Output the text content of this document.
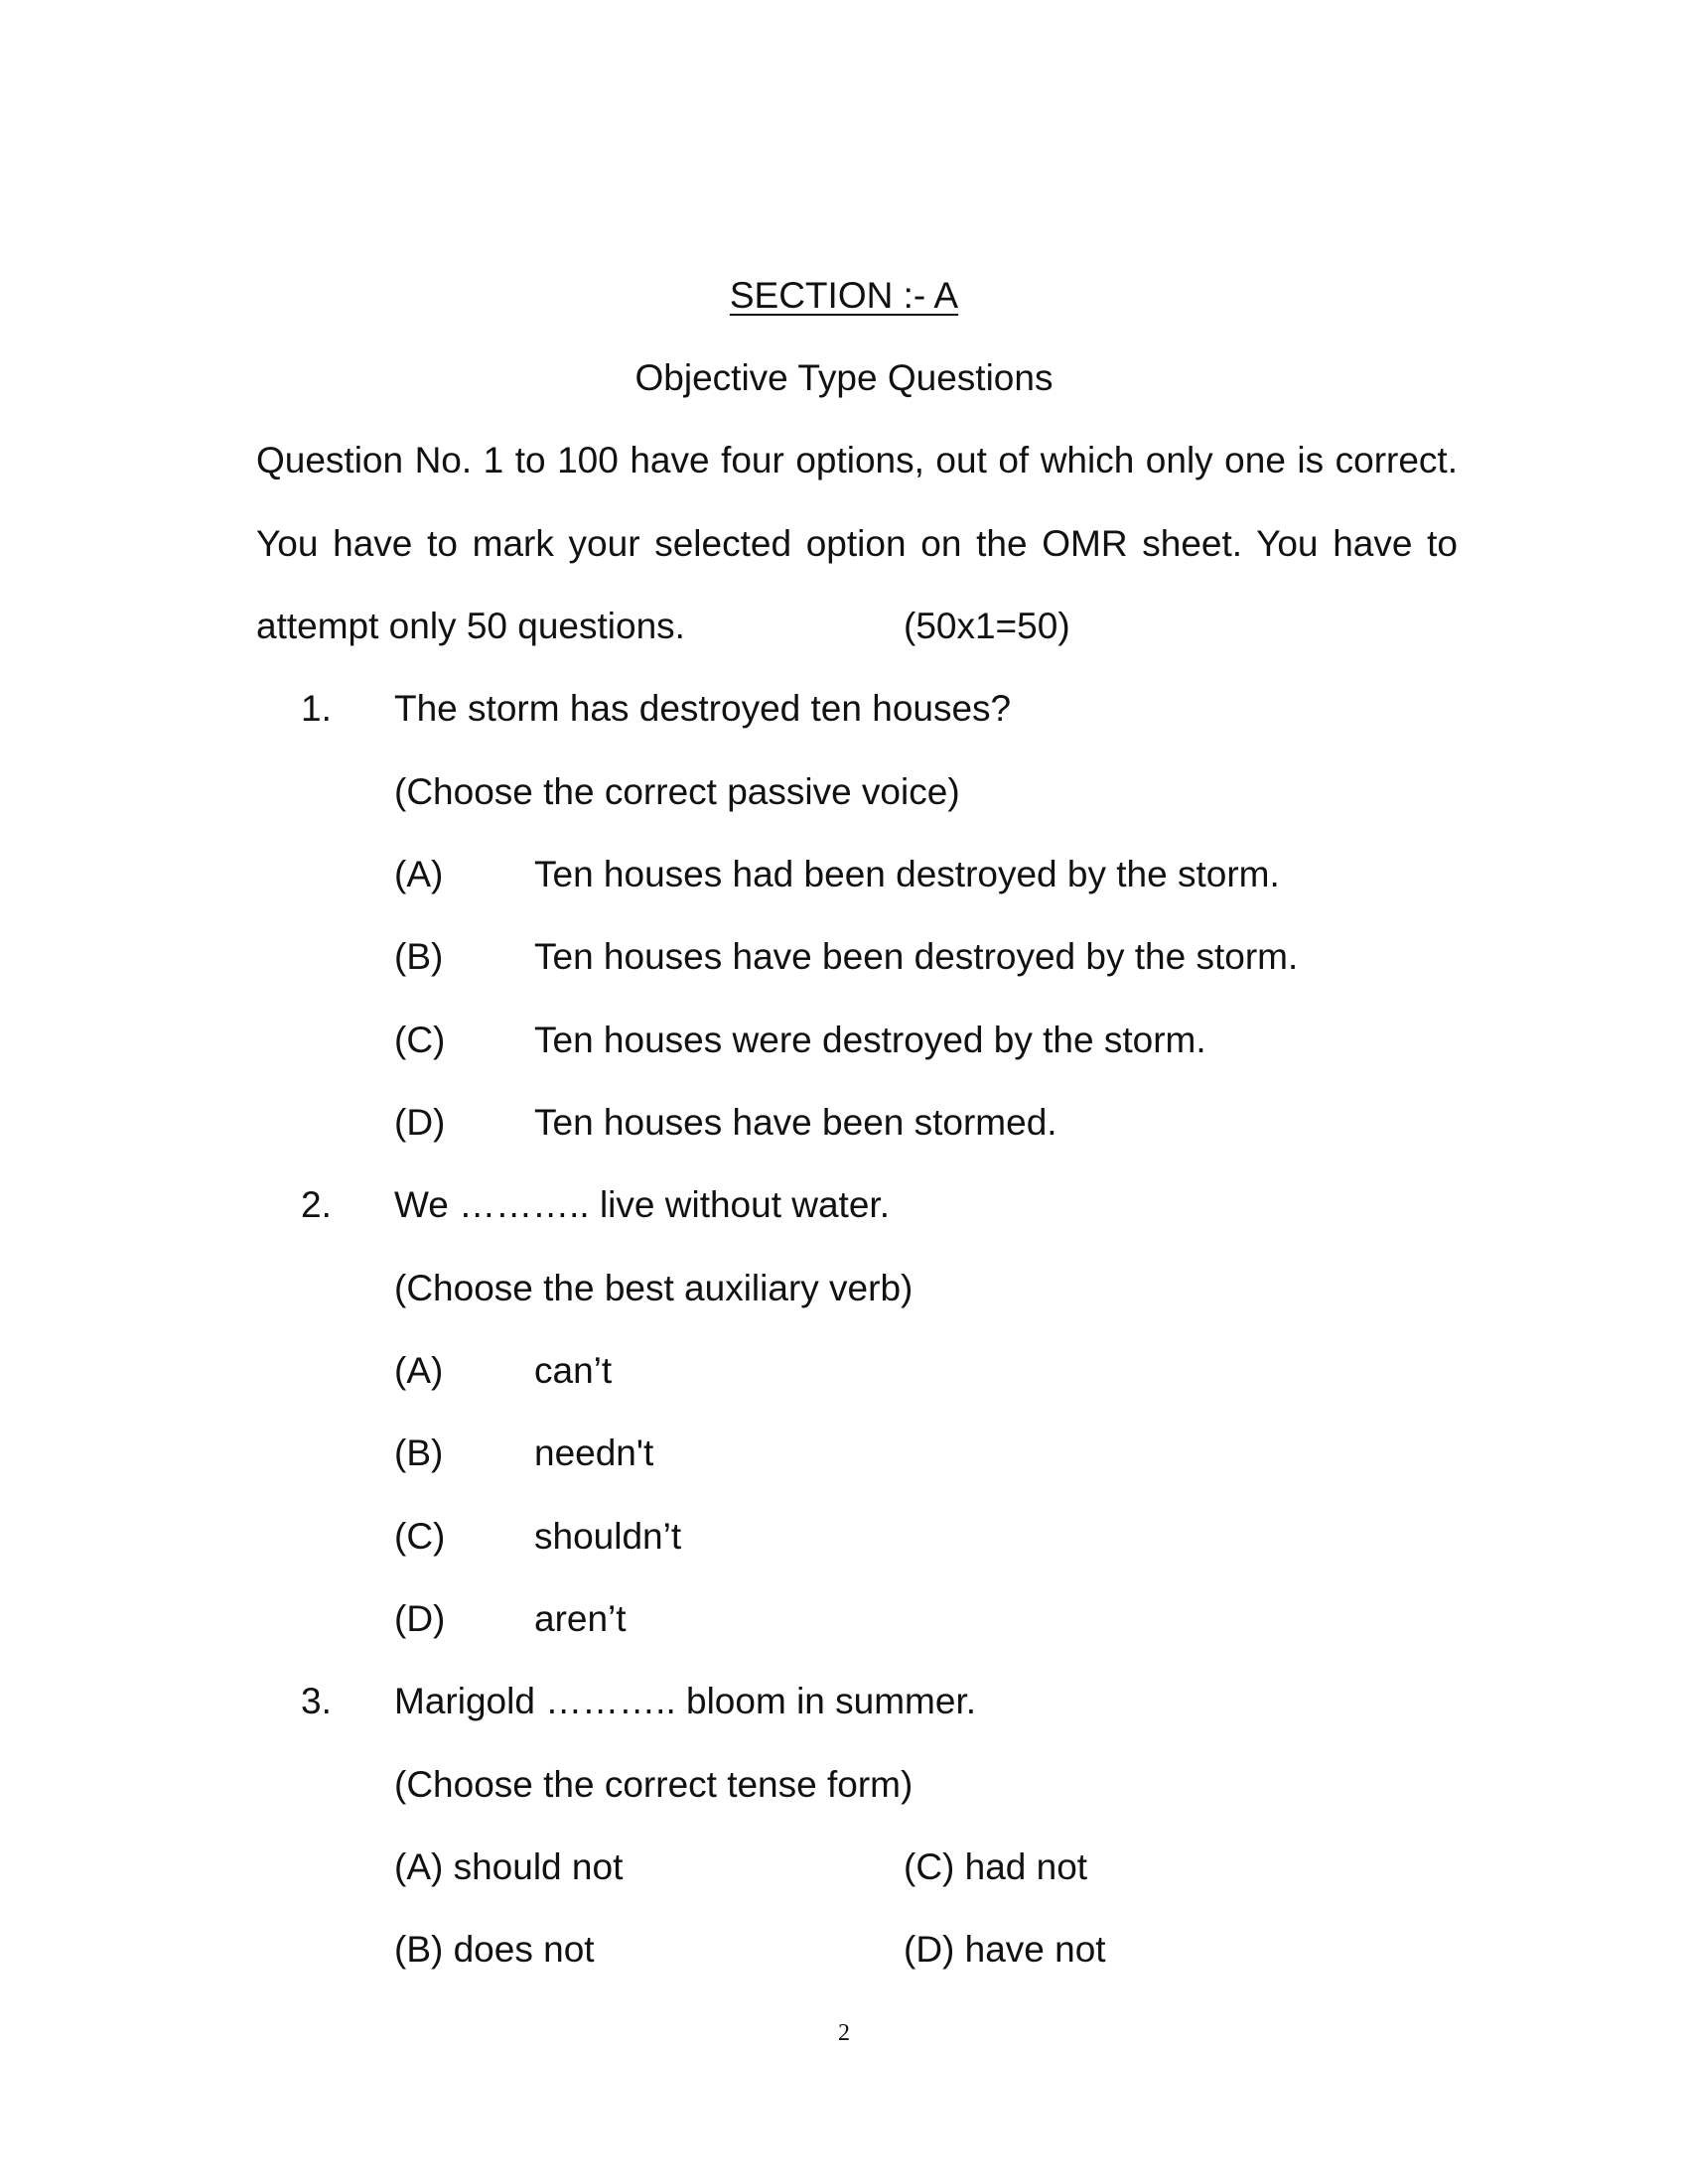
SECTION :- A
Objective Type Questions
Question No. 1 to 100 have four options, out of which only one is correct.
You have to mark your selected option on the OMR sheet. You have to
attempt only 50 questions.	(50x1=50)
1. The storm has destroyed ten houses?
(Choose the correct passive voice)
(A) Ten houses had been destroyed by the storm.
(B) Ten houses have been destroyed by the storm.
(C) Ten houses were destroyed by the storm.
(D) Ten houses have been stormed.
2. We ……….. live without water.
(Choose the best auxiliary verb)
(A) can’t
(B) needn't
(C) shouldn’t
(D) aren’t
3. Marigold ……….. bloom in summer.
(Choose the correct tense form)
(A) should not	(C) had not
(B) does not	(D) have not
2
